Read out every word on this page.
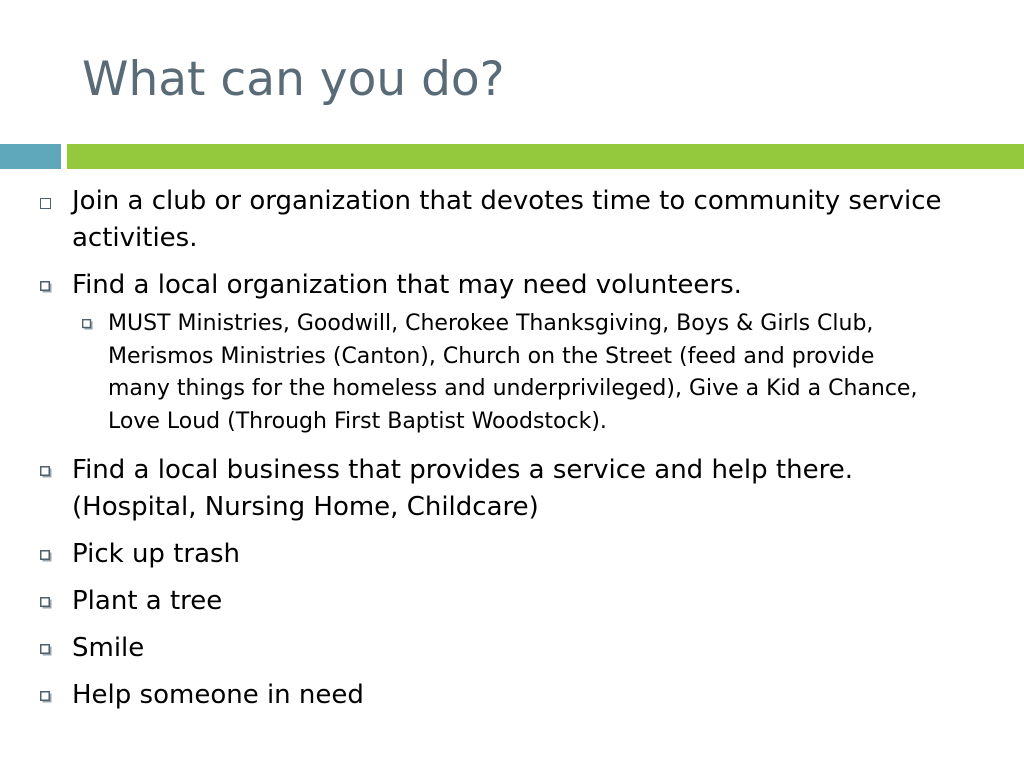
What can you do?
Join a club or organization that devotes time to community service activities.
Find a local organization that may need volunteers.
MUST Ministries, Goodwill, Cherokee Thanksgiving, Boys & Girls Club, Merismos Ministries (Canton), Church on the Street (feed and provide many things for the homeless and underprivileged), Give a Kid a Chance, Love Loud (Through First Baptist Woodstock).
Find a local business that provides a service and help there. (Hospital, Nursing Home, Childcare)
Pick up trash
Plant a tree
Smile
Help someone in need
